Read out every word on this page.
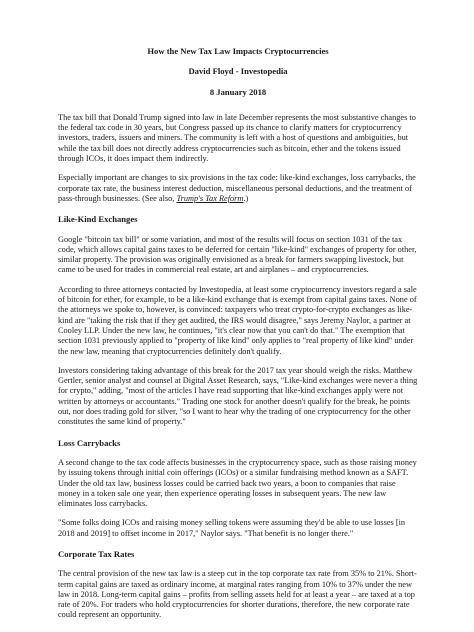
How the New Tax Law Impacts Cryptocurrencies
David Floyd - Investopedia
8 January 2018

The tax bill that Donald Trump signed into law in late December represents the most substantive changes to the federal tax code in 30 years, but Congress passed up its chance to clarify matters for cryptocurrency investors, traders, issuers and miners. The community is left with a host of questions and ambiguities, but while the tax bill does not directly address cryptocurrencies such as bitcoin, ether and the tokens issued through ICOs, it does impact them indirectly.

Especially important are changes to six provisions in the tax code: like-kind exchanges, loss carrybacks, the corporate tax rate, the business interest deduction, miscellaneous personal deductions, and the treatment of pass-through businesses. (See also, Trump's Tax Reform.)

Like-Kind Exchanges

Google "bitcoin tax bill" or some variation, and most of the results will focus on section 1031 of the tax code, which allows capital gains taxes to be deferred for certain "like-kind" exchanges of property for other, similar property. The provision was originally envisioned as a break for farmers swapping livestock, but came to be used for trades in commercial real estate, art and airplanes – and cryptocurrencies.

According to three attorneys contacted by Investopedia, at least some cryptocurrency investors regard a sale of bitcoin for ether, for example, to be a like-kind exchange that is exempt from capital gains taxes. None of the attorneys we spoke to, however, is convinced: taxpayers who treat crypto-for-crypto exchanges as like-kind are "taking the risk that if they get audited, the IRS would disagree," says Jeremy Naylor, a partner at Cooley LLP. Under the new law, he continues, "it's clear now that you can't do that." The exemption that section 1031 previously applied to "property of like kind" only applies to "real property of like kind" under the new law, meaning that cryptocurrencies definitely don't qualify.

Investors considering taking advantage of this break for the 2017 tax year should weigh the risks. Matthew Gertler, senior analyst and counsel at Digital Asset Research, says, "Like-kind exchanges were never a thing for crypto," adding, "most of the articles I have read supporting that like-kind exchanges apply were not written by attorneys or accountants." Trading one stock for another doesn't qualify for the break, he points out, nor does trading gold for silver, "so I want to hear why the trading of one cryptocurrency for the other constitutes the same kind of property."

Loss Carrybacks

A second change to the tax code affects businesses in the cryptocurrency space, such as those raising money by issuing tokens through initial coin offerings (ICOs) or a similar fundraising method known as a SAFT. Under the old tax law, business losses could be carried back two years, a boon to companies that raise money in a token sale one year, then experience operating losses in subsequent years. The new law eliminates loss carrybacks.

"Some folks doing ICOs and raising money selling tokens were assuming they'd be able to use losses [in 2018 and 2019] to offset income in 2017," Naylor says. "That benefit is no longer there."

Corporate Tax Rates

The central provision of the new tax law is a steep cut in the top corporate tax rate from 35% to 21%. Short-term capital gains are taxed as ordinary income, at marginal rates ranging from 10% to 37% under the new law in 2018. Long-term capital gains – profits from selling assets held for at least a year – are taxed at a top rate of 20%. For traders who hold cryptocurrencies for shorter durations, therefore, the new corporate rate could represent an opportunity.
